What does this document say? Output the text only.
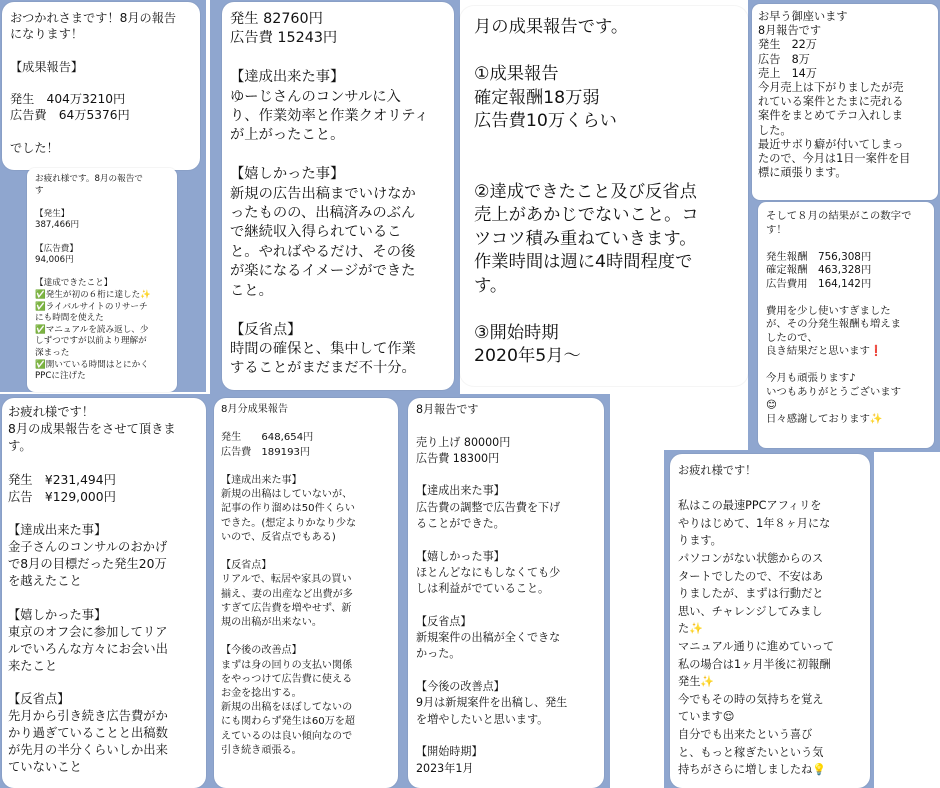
おつかれさまです！8月の報告
になります！

【成果報告】

発生　404万3210円
広告費　64万5376円

でした！

お疲れ様です。8月の報告で
す

【発生】
387,466円

【広告費】
94,006円

【達成できたこと】
✅発生が初の６桁に達した✨
✅ライバルサイトのリサーチ
にも時間を使えた
✅マニュアルを読み返し、少
しずつですが以前より理解が
深まった
✅開いている時間はとにかく
PPCに注げた

発生 82760円
広告費 15243円

【達成出来た事】
ゆーじさんのコンサルに入
り、作業効率と作業クオリティ
が上がったこと。

【嬉しかった事】
新規の広告出稿までいけなか
ったものの、出稿済みのぶん
で継続収入得られているこ
と。やればやるだけ、その後
が楽になるイメージができた
こと。

【反省点】
時間の確保と、集中して作業
することがまだまだ不十分。

月の成果報告です。

①成果報告
確定報酬18万弱
広告費10万くらい

②達成できたこと及び反省点
売上があかじでないこと。コ
ツコツ積み重ねていきます。
作業時間は週に4時間程度で
す。

③開始時期
2020年5月〜

お早う御座います
8月報告です
発生　22万
広告　8万
売上　14万
今月売上は下がりましたが売
れている案件とたまに売れる
案件をまとめてテコ入れしま
した。
最近サボり癖が付いてしまっ
たので、今月は1日一案件を目
標に頑張ります。

そして８月の結果がこの数字で
す！

発生報酬　756,308円
確定報酬　463,328円
広告費用　164,142円

費用を少し使いすぎました
が、その分発生報酬も増えま
したので、
良き結果だと思います❗

今月も頑張ります♪
いつもありがとうございます
😊
日々感謝しております✨

お疲れ様です！
8月の成果報告をさせて頂きま
す。

発生　¥231,494円
広告　¥129,000円

【達成出来た事】
金子さんのコンサルのおかげ
で8月の目標だった発生20万
を越えたこと

【嬉しかった事】
東京のオフ会に参加してリア
ルでいろんな方々にお会い出
来たこと

【反省点】
先月から引き続き広告費がか
かり過ぎていることと出稿数
が先月の半分くらいしか出来
ていないこと

8月分成果報告

発生　　648,654円
広告費　189193円

【達成出来た事】
新規の出稿はしていないが、
記事の作り溜めは50件くらい
できた。(想定よりかなり少な
いので、反省点でもある)

【反省点】
リアルで、転居や家具の買い
揃え、妻の出産など出費が多
すぎて広告費を増やせず、新
規の出稿が出来ない。

【今後の改善点】
まずは身の回りの支払い関係
をやっつけて広告費に使える
お金を捻出する。
新規の出稿をほぼしてないの
にも関わらず発生は60万を超
えているのは良い傾向なので
引き続き頑張る。

8月報告です

売り上げ 80000円
広告費 18300円

【達成出来た事】
広告費の調整で広告費を下げ
ることができた。

【嬉しかった事】
ほとんどなにもしなくても少
しは利益がでていること。

【反省点】
新規案件の出稿が全くできな
かった。

【今後の改善点】
9月は新規案件を出稿し、発生
を増やしたいと思います。

【開始時期】
2023年1月

お疲れ様です！

私はこの最速PPCアフィリを
やりはじめて、1年８ヶ月にな
ります。
パソコンがない状態からのス
タートでしたので、不安はあ
りましたが、まずは行動だと
思い、チャレンジしてみまし
た✨
マニュアル通りに進めていって
私の場合は1ヶ月半後に初報酬
発生✨
今でもその時の気持ちを覚え
ています😌
自分でも出来たという喜び
と、もっと稼ぎたいという気
持ちがさらに増しましたね💡
